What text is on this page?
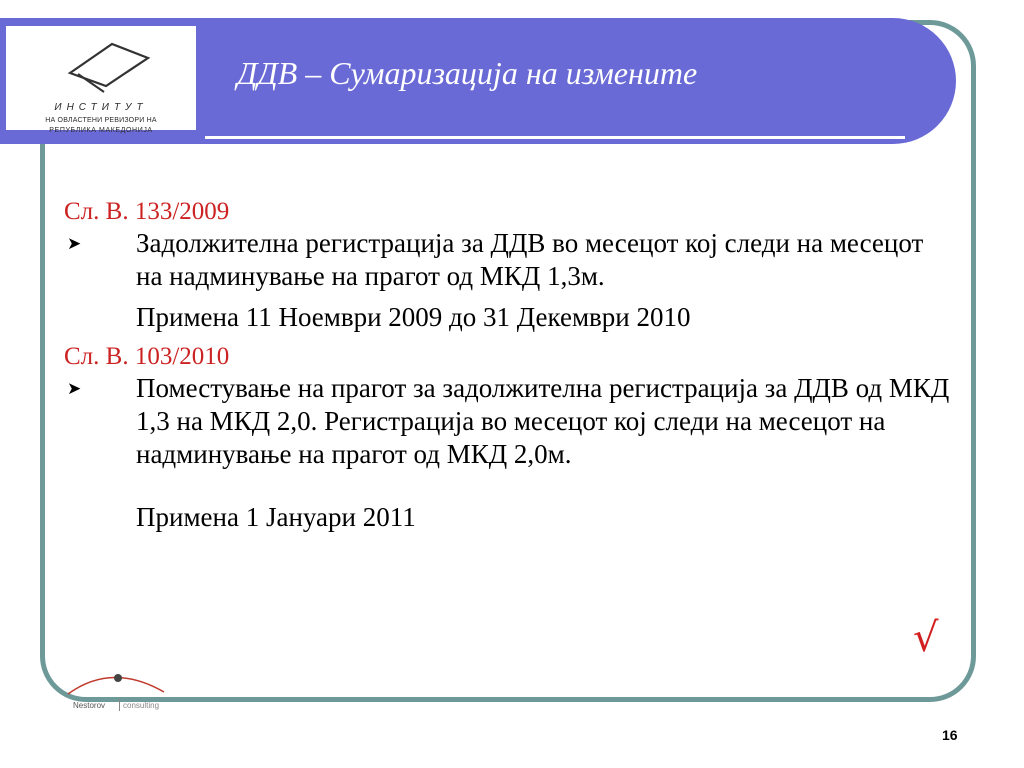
ДДВ – Сумаризација на измените
ИНСТИТУТ
НА ОВЛАСТЕНИ РЕВИЗОРИ НА
РЕПУБЛИКА МАКЕДОНИЈА
Сл. В. 133/2009
➤ Задолжителна регистрација за ДДВ во месецот кој следи на месецот на надминување на прагот од МКД 1,3м.
Примена 11 Ноември 2009 до 31 Декември 2010
Сл. В. 103/2010
➤ Поместување на прагот за задолжителна регистрација за ДДВ од МКД 1,3 на МКД 2,0. Регистрација во месецот кој следи на месецот на надминување на прагот од МКД 2,0м.
Примена 1 Јануари 2011
√
Nestorov consulting
16
